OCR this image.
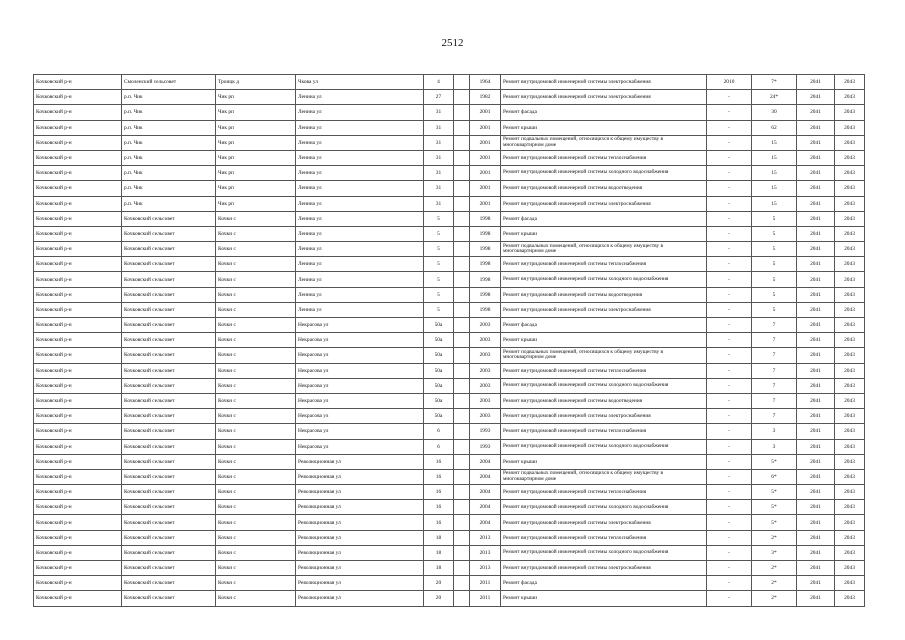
2512
Кочковский р-н	Смоленский сельсовет	Троицк д	Чкова ул	4		1964	Ремонт внутридомовой инженерной системы электроснабжения	2010	7*	2041	2043
Кочковский р-н	р.п. Чик	Чик рп	Ленина ул	27		1982	Ремонт внутридомовой инженерной системы электроснабжения	-	24*	2041	2043
Кочковский р-н	р.п. Чик	Чик рп	Ленина ул	31		2001	Ремонт фасада	-	30	2041	2043
Кочковский р-н	р.п. Чик	Чик рп	Ленина ул	31		2001	Ремонт крыши	-	62	2041	2043
Кочковский р-н	р.п. Чик	Чик рп	Ленина ул	31		2001	Ремонт подвальных помещений, относящихся к общему имуществу в многоквартирном доме	-	15	2041	2043
Кочковский р-н	р.п. Чик	Чик рп	Ленина ул	31		2001	Ремонт внутридомовой инженерной системы теплоснабжения	-	15	2041	2043
Кочковский р-н	р.п. Чик	Чик рп	Ленина ул	31		2001	Ремонт внутридомовой инженерной системы холодного водоснабжения	-	15	2041	2043
Кочковский р-н	р.п. Чик	Чик рп	Ленина ул	31		2001	Ремонт внутридомовой инженерной системы водоотведения	-	15	2041	2043
Кочковский р-н	р.п. Чик	Чик рп	Ленина ул	31		2001	Ремонт внутридомовой инженерной системы электроснабжения	-	15	2041	2043
Кочковский р-н	Кочковский сельсовет	Кочки с	Ленина ул	5		1998	Ремонт фасада	-	5	2041	2043
Кочковский р-н	Кочковский сельсовет	Кочки с	Ленина ул	5		1998	Ремонт крыши	-	5	2041	2043
Кочковский р-н	Кочковский сельсовет	Кочки с	Ленина ул	5		1998	Ремонт подвальных помещений, относящихся к общему имуществу в многоквартирном доме	-	5	2041	2043
Кочковский р-н	Кочковский сельсовет	Кочки с	Ленина ул	5		1998	Ремонт внутридомовой инженерной системы теплоснабжения	-	5	2041	2043
Кочковский р-н	Кочковский сельсовет	Кочки с	Ленина ул	5		1998	Ремонт внутридомовой инженерной системы холодного водоснабжения	-	5	2041	2043
Кочковский р-н	Кочковский сельсовет	Кочки с	Ленина ул	5		1998	Ремонт внутридомовой инженерной системы водоотведения	-	5	2041	2043
Кочковский р-н	Кочковский сельсовет	Кочки с	Ленина ул	5		1998	Ремонт внутридомовой инженерной системы электроснабжения	-	5	2041	2043
Кочковский р-н	Кочковский сельсовет	Кочки с	Некрасова ул	50а		2003	Ремонт фасада	-	7	2041	2043
Кочковский р-н	Кочковский сельсовет	Кочки с	Некрасова ул	50а		2003	Ремонт крыши	-	7	2041	2043
Кочковский р-н	Кочковский сельсовет	Кочки с	Некрасова ул	50а		2003	Ремонт подвальных помещений, относящихся к общему имуществу в многоквартирном доме	-	7	2041	2043
Кочковский р-н	Кочковский сельсовет	Кочки с	Некрасова ул	50а		2003	Ремонт внутридомовой инженерной системы теплоснабжения	-	7	2041	2043
Кочковский р-н	Кочковский сельсовет	Кочки с	Некрасова ул	50а		2003	Ремонт внутридомовой инженерной системы холодного водоснабжения	-	7	2041	2043
Кочковский р-н	Кочковский сельсовет	Кочки с	Некрасова ул	50а		2003	Ремонт внутридомовой инженерной системы водоотведения	-	7	2041	2043
Кочковский р-н	Кочковский сельсовет	Кочки с	Некрасова ул	50а		2003	Ремонт внутридомовой инженерной системы электроснабжения	-	7	2041	2043
Кочковский р-н	Кочковский сельсовет	Кочки с	Некрасова ул	6		1993	Ремонт внутридомовой инженерной системы теплоснабжения	-	3	2041	2043
Кочковский р-н	Кочковский сельсовет	Кочки с	Некрасова ул	6		1993	Ремонт внутридомовой инженерной системы холодного водоснабжения	-	3	2041	2043
Кочковский р-н	Кочковский сельсовет	Кочки с	Революционная ул	16		2004	Ремонт крыши	-	5*	2041	2043
Кочковский р-н	Кочковский сельсовет	Кочки с	Революционная ул	16		2004	Ремонт подвальных помещений, относящихся к общему имуществу в многоквартирном доме	-	6*	2041	2043
Кочковский р-н	Кочковский сельсовет	Кочки с	Революционная ул	16		2004	Ремонт внутридомовой инженерной системы теплоснабжения	-	5*	2041	2043
Кочковский р-н	Кочковский сельсовет	Кочки с	Революционная ул	16		2004	Ремонт внутридомовой инженерной системы холодного водоснабжения	-	5*	2041	2043
Кочковский р-н	Кочковский сельсовет	Кочки с	Революционная ул	16		2004	Ремонт внутридомовой инженерной системы электроснабжения	-	5*	2041	2043
Кочковский р-н	Кочковский сельсовет	Кочки с	Революционная ул	18		2013	Ремонт внутридомовой инженерной системы теплоснабжения	-	2*	2041	2043
Кочковский р-н	Кочковский сельсовет	Кочки с	Революционная ул	18		2013	Ремонт внутридомовой инженерной системы холодного водоснабжения	-	3*	2041	2043
Кочковский р-н	Кочковский сельсовет	Кочки с	Революционная ул	18		2013	Ремонт внутридомовой инженерной системы электроснабжения	-	2*	2041	2043
Кочковский р-н	Кочковский сельсовет	Кочки с	Революционная ул	20		2011	Ремонт фасада	-	2*	2041	2043
Кочковский р-н	Кочковский сельсовет	Кочки с	Революционная ул	20		2011	Ремонт крыши	-	2*	2041	2043
